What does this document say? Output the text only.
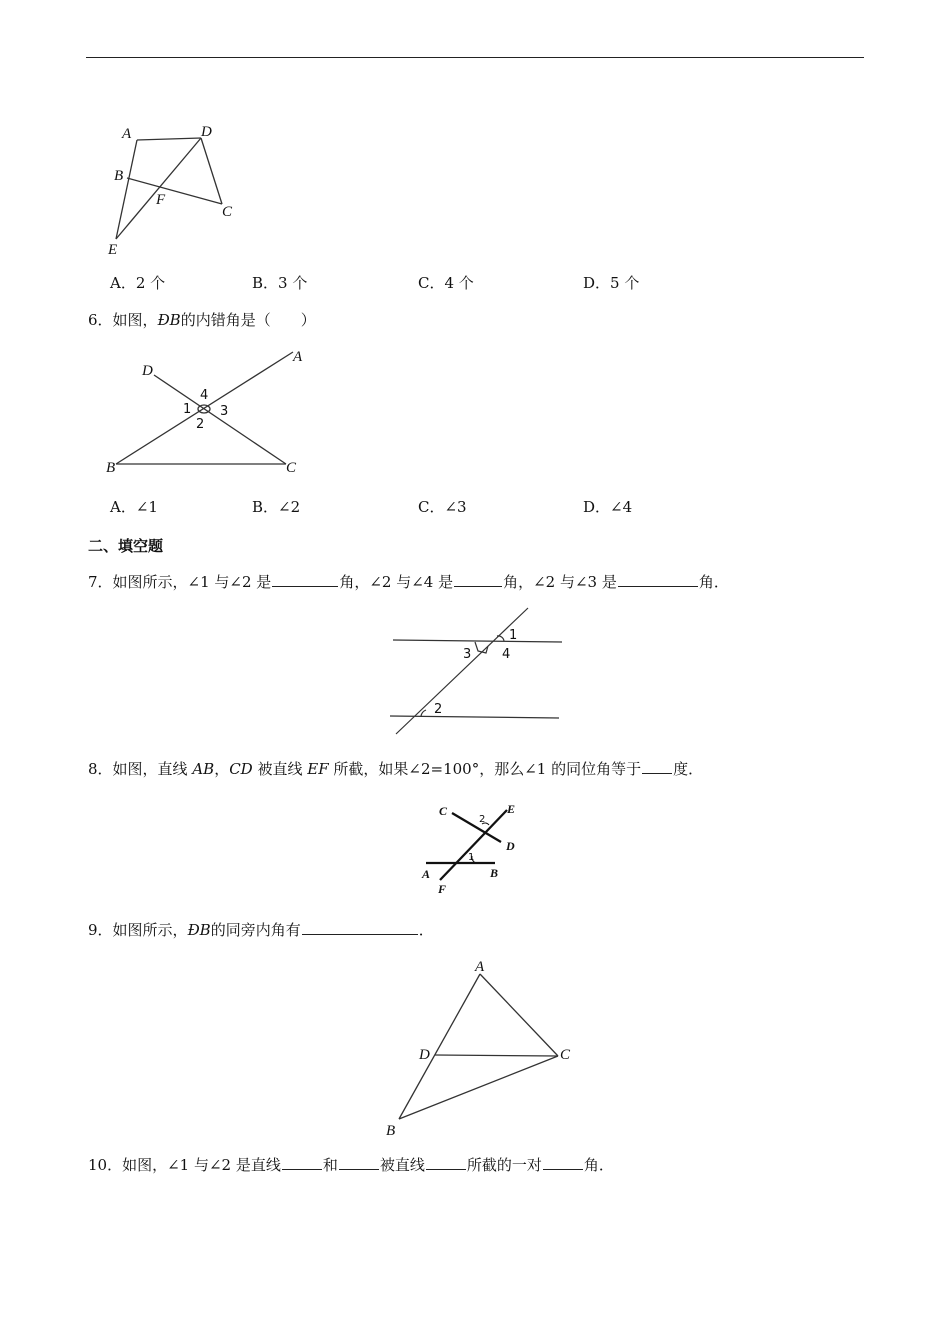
A	D
B
F
C
E
A．2 个	B．3 个	C．4 个	D．5 个
6．如图，ÐB的内错角是（　　）
D
A
B	C
1
2
3
4
A．∠1	B．∠2	C．∠3	D．∠4
二、填空题
7．如图所示，∠1 与∠2 是	角，∠2 与∠4 是	角，∠2 与∠3 是	角．
1
2
3 4
8．如图，直线 AB，CD 被直线 EF 所截，如果∠2=100°，那么∠1 的同位角等于 度．
C	E
D
A	B
F
1
2
9．如图所示，ÐB的同旁内角有	．
A
D	C
B
10．如图，∠1 与∠2 是直线	和	被直线	所截的一对	角．
